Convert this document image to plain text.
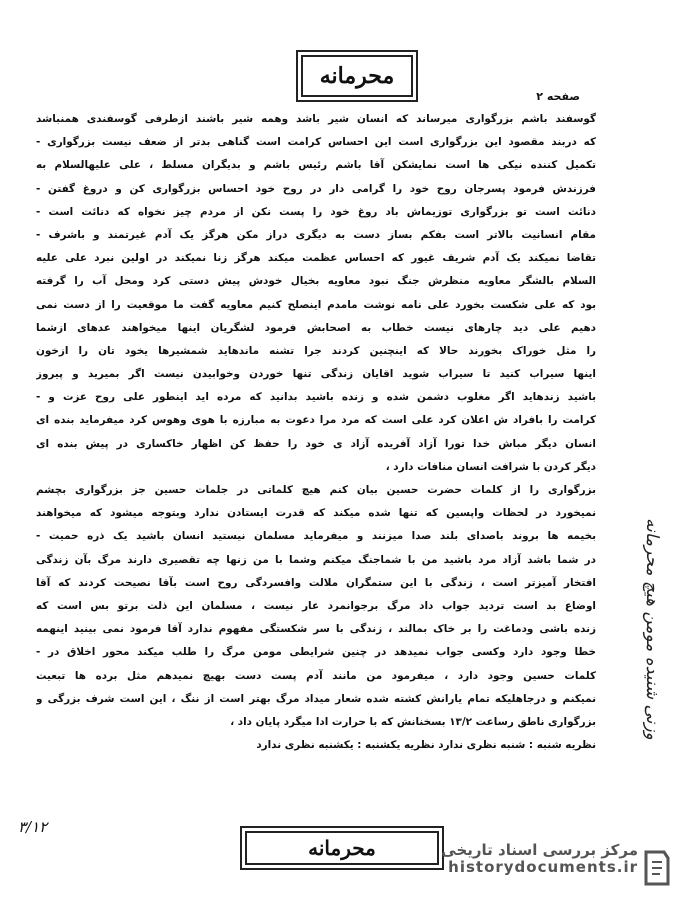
محرمانه
صفحه ۲
گوسفند باشم بزرگواری میرساند که انسان شیر باشد وهمه شیر باشند ازطرفی گوسفندی همنباشد
که دربند مقصود این بزرگواری است این احساس کرامت است گناهی بدتر از ضعف نیست بزرگواری -
تکمیل کننده نیکی ها است نمایشکن آقا باشم رئیس باشم و بدیگران مسلط ، علی علیهالسلام به
فرزندش فرمود پسرجان روح خود را گرامی دار در روح خود احساس بزرگواری کن و دروغ گفتن -
دنائت است تو بزرگواری توزیماش باد روغ خود را پست نکن از مردم چیز نخواه که دنائت است -
مقام انسانیت بالاتر است بفکم بساز دست به دیگری دراز مکن هرگز یک آدم غیرتمند و باشرف -
تقاضا نمیکند یک آدم شریف غیور که احساس عظمت میکند هرگز زنا نمیکند در اولین نبرد علی علیه
السلام بالشگر معاویه منظرش جنگ نبود معاویه بخیال خودش پیش دستی کرد ومحل آب را گرفته
بود که علی شکست بخورد علی نامه نوشت مامدم اینصلح کنیم معاویه گفت ما موقعیت را از دست نمی
دهیم علی دید چارهای نیست خطاب به اصحابش فرمود لشگریان اینها میخواهند عدهای ازشما
را مثل خوراک بخورند حالا که اینچنین کردند جرا تشنه ماندهاید شمشیرها یخود تان را ازخون
اینها سیراب کنید تا سیراب شوید اقایان زندگی تنها خوردن وخوابیدن نیست اگر بمیرید و پیروز
باشید زندهاید اگر مغلوب دشمن شده و زنده باشید بدانید که مرده اید اینطور علی روح عزت و -
کرامت را بافراد ش اعلان کرد علی است که مرد مرا دعوت به مبارزه با هوی وهوس کرد میفرماید بنده ای
انسان دیگر مباش خدا تورا آزاد آفریده آزاد ی خود را حفظ کن اظهار خاکساری در پیش بنده ای
دیگر کردن با شرافت انسان منافات دارد ،
بزرگواری را از کلمات حضرت حسین بیان کنم هیچ کلماتی در جلمات حسین جز بزرگواری بچشم
نمیخورد در لحظات واپسین که تنها شده میکند که قدرت ایستادن ندارد وبتوجه میشود که میخواهند
بخیمه ها بروند باصدای بلند صدا میزنند و میفرماید مسلمان نیستید انسان باشید یک ذره حمیت -
در شما باشد آزاد مرد باشید من با شماجنگ میکنم وشما با من زنها چه تقصیری دارند مرگ بآن زندگی
افتخار آمیزتر است ، زندگی با این ستمگران ملالت وافسردگی روح است بآقا نصیحت کردند که آقا
اوضاع بد است تردید جواب داد مرگ برجوانمرد عار نیست ، مسلمان این ذلت برتو بس است که
زنده باشی ودماغت را بر خاک بمالند ، زندگی با سر شکستگی مفهوم ندارد آقا فرمود نمی بینید اینهمه
خطا وجود دارد وکسی جواب نمیدهد در چنین شرایطی مومن مرگ را طلب میکند محور اخلاق در -
کلمات حسین وجود دارد ، میفرمود من مانند آدم پست دست بهیچ نمیدهم مثل برده ها تبعیت
نمیکنم و درجاهلیکه تمام یارانش کشته شده شعار میداد مرگ بهتر است از ننگ ، این است شرف بزرگی و
بزرگواری ناطق رساعت ۱۳/۲ بسخنانش که با حرارت ادا میگرد پایان داد ،
نظریه شنبه : شنبه نظری ندارد نظریه یکشنبه : یکشنبه نظری ندارد
وزنی شنیده مومن هیچ محرمانه
۳/۱۲
محرمانه	مرکز بررسی اسناد تاریخی
historydocuments.ir
